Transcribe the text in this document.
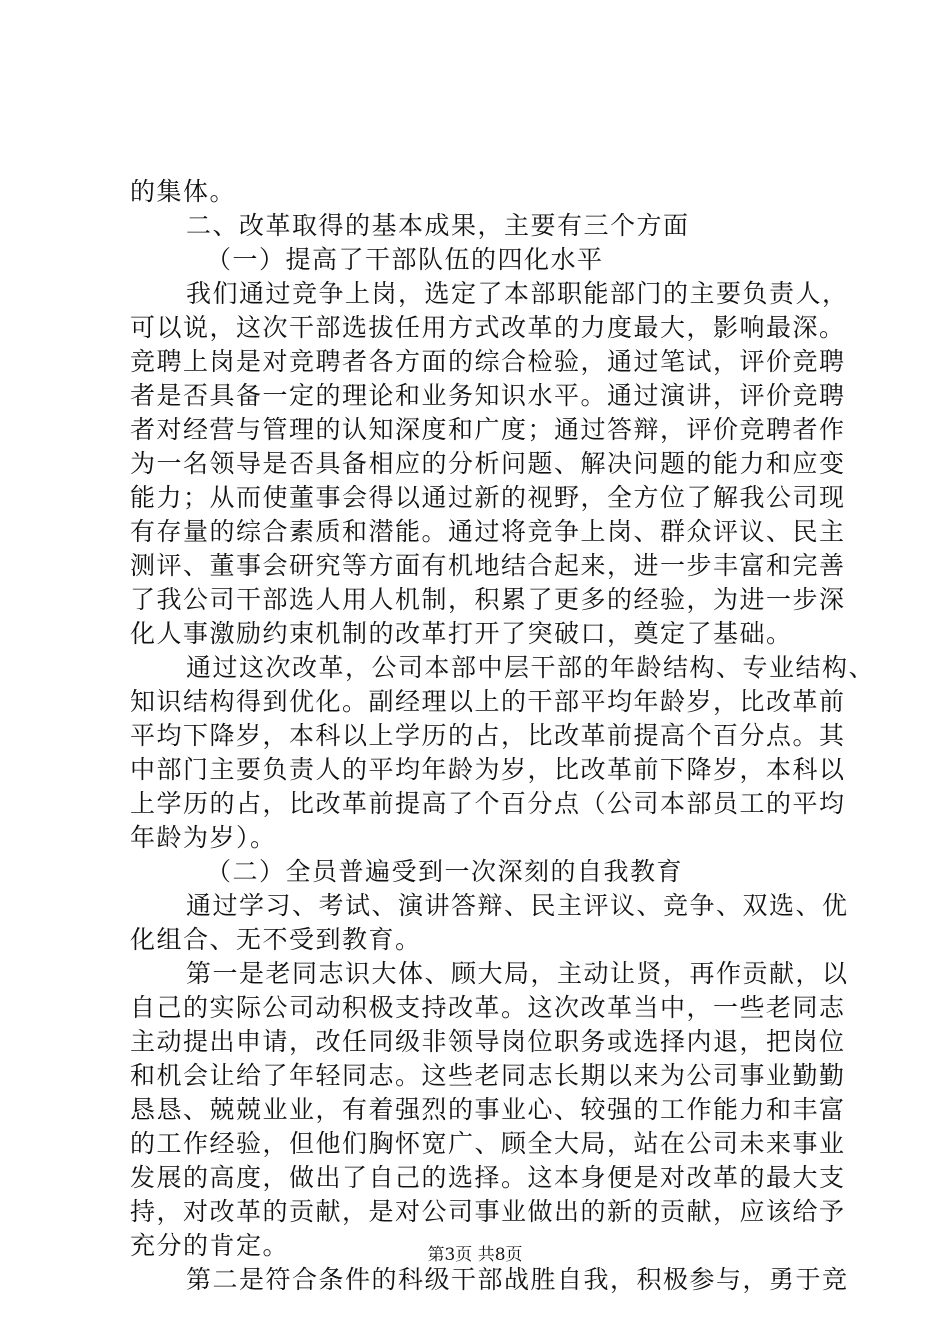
的集体。
二、改革取得的基本成果，主要有三个方面
（一）提高了干部队伍的四化水平
我们通过竞争上岗，选定了本部职能部门的主要负责人，
可以说，这次干部选拔任用方式改革的力度最大，影响最深。
竞聘上岗是对竞聘者各方面的综合检验，通过笔试，评价竞聘
者是否具备一定的理论和业务知识水平。通过演讲，评价竞聘
者对经营与管理的认知深度和广度；通过答辩，评价竞聘者作
为一名领导是否具备相应的分析问题、解决问题的能力和应变
能力；从而使董事会得以通过新的视野，全方位了解我公司现
有存量的综合素质和潜能。通过将竞争上岗、群众评议、民主
测评、董事会研究等方面有机地结合起来，进一步丰富和完善
了我公司干部选人用人机制，积累了更多的经验，为进一步深
化人事激励约束机制的改革打开了突破口，奠定了基础。
通过这次改革，公司本部中层干部的年龄结构、专业结构、
知识结构得到优化。副经理以上的干部平均年龄岁，比改革前
平均下降岁，本科以上学历的占，比改革前提高个百分点。其
中部门主要负责人的平均年龄为岁，比改革前下降岁，本科以
上学历的占，比改革前提高了个百分点（公司本部员工的平均
年龄为岁）。
（二）全员普遍受到一次深刻的自我教育
通过学习、考试、演讲答辩、民主评议、竞争、双选、优
化组合、无不受到教育。
第一是老同志识大体、顾大局，主动让贤，再作贡献，以
自己的实际公司动积极支持改革。这次改革当中，一些老同志
主动提出申请，改任同级非领导岗位职务或选择内退，把岗位
和机会让给了年轻同志。这些老同志长期以来为公司事业勤勤
恳恳、兢兢业业，有着强烈的事业心、较强的工作能力和丰富
的工作经验，但他们胸怀宽广、顾全大局，站在公司未来事业
发展的高度，做出了自己的选择。这本身便是对改革的最大支
持，对改革的贡献，是对公司事业做出的新的贡献，应该给予
充分的肯定。
第二是符合条件的科级干部战胜自我，积极参与，勇于竞
第3页 共8页
